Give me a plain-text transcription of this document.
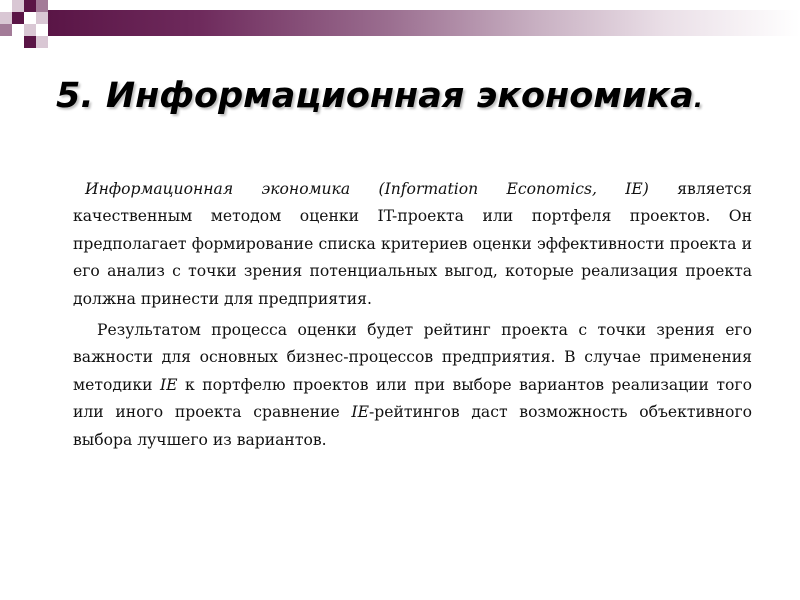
5. Информационная экономика.

Информационная экономика (Information Economics, IE) является качественным методом оценки IT-проекта или портфеля проектов. Он предполагает формирование списка критериев оценки эффективности проекта и его анализ с точки зрения потенциальных выгод, которые реализация проекта должна принести для предприятия.

Результатом процесса оценки будет рейтинг проекта с точки зрения его важности для основных бизнес-процессов предприятия. В случае применения методики IE к портфелю проектов или при выборе вариантов реализации того или иного проекта сравнение IE-рейтингов даст возможность объективного выбора лучшего из вариантов.
